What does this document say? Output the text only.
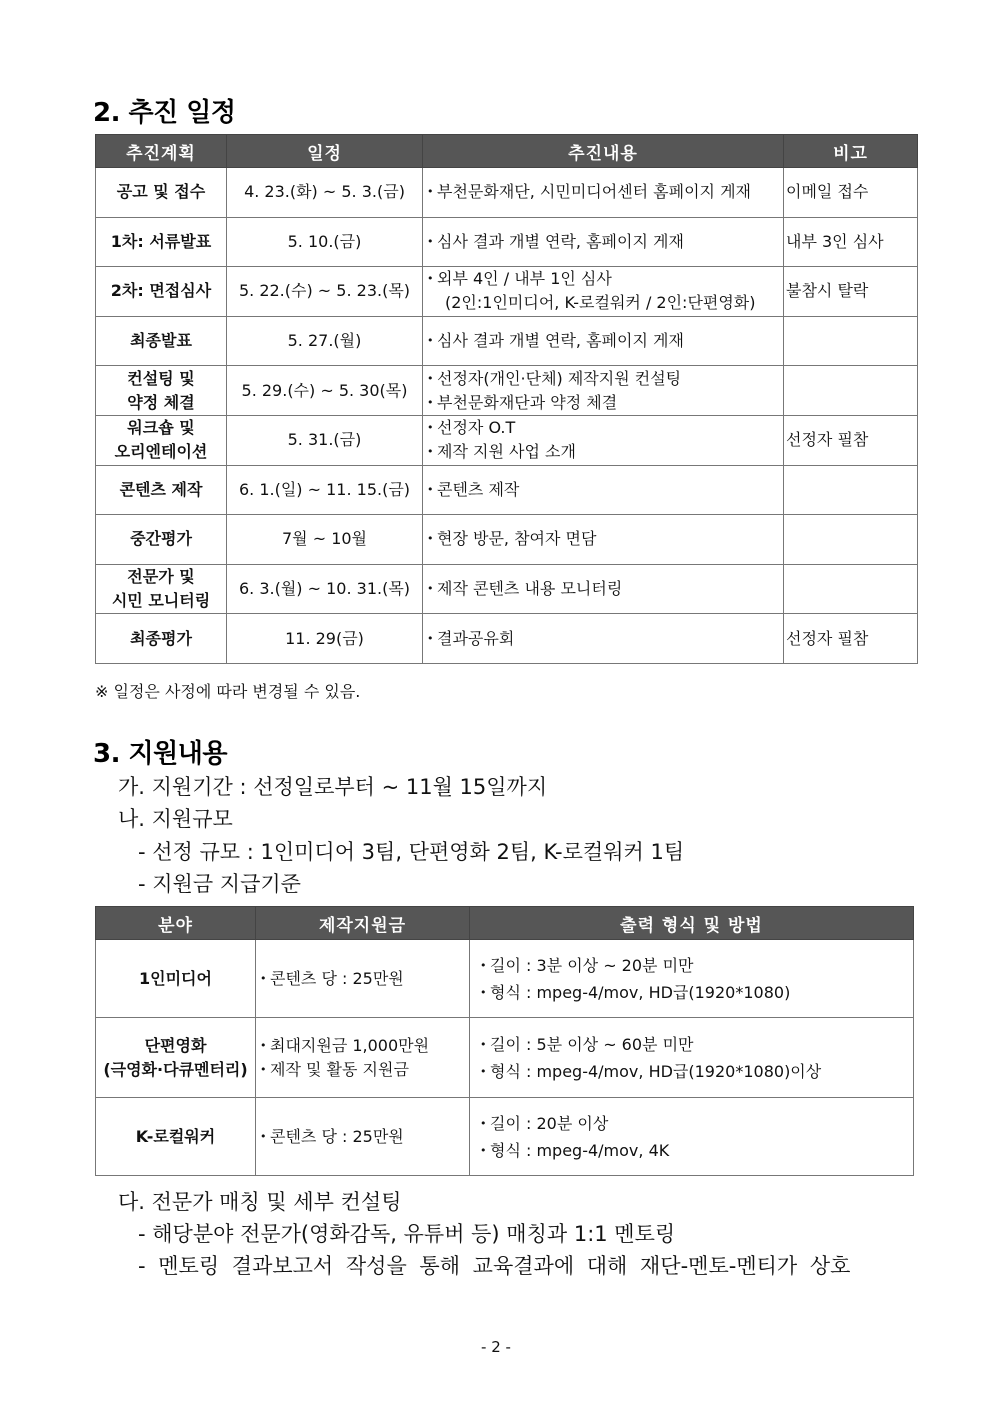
2. 추진 일정
추진계획	일정	추진내용	비고

공고 및 접수	4. 23.(화) ~ 5. 3.(금)	• 부천문화재단, 시민미디어센터 홈페이지 게재	이메일 접수

1차: 서류발표	5. 10.(금)	• 심사 결과 개별 연락, 홈페이지 게재	내부 3인 심사

2차: 면접심사	5. 22.(수) ~ 5. 23.(목)	• 외부 4인 / 내부 1인 심사
(2인:1인미디어, K-로컬워커 / 2인:단편영화)	불참시 탈락

최종발표	5. 27.(월)	• 심사 결과 개별 연락, 홈페이지 게재

컨설팅 및
약정 체결	5. 29.(수) ~ 5. 30(목)	• 선정자(개인·단체) 제작지원 컨설팅
• 부천문화재단과 약정 체결

워크숍 및
오리엔테이션	5. 31.(금)	• 선정자 O.T
• 제작 지원 사업 소개	선정자 필참

콘텐츠 제작	6. 1.(일) ~ 11. 15.(금)	• 콘텐츠 제작

중간평가	7월 ~ 10월	• 현장 방문, 참여자 면담

전문가 및
시민 모니터링	6. 3.(월) ~ 10. 31.(목)	• 제작 콘텐츠 내용 모니터링

최종평가	11. 29(금)	• 결과공유회	선정자 필참
※ 일정은 사정에 따라 변경될 수 있음.
3. 지원내용
가. 지원기간 : 선정일로부터 ~ 11월 15일까지
나. 지원규모
- 선정 규모 : 1인미디어 3팀, 단편영화 2팀, K-로컬워커 1팀
- 지원금 지급기준
분야	제작지원금	출력 형식 및 방법

1인미디어	• 콘텐츠 당 : 25만원	• 길이 : 3분 이상 ~ 20분 미만
• 형식 : mpeg-4/mov, HD급(1920*1080)

단편영화
(극영화·다큐멘터리)	• 최대지원금 1,000만원
• 제작 및 활동 지원금	• 길이 : 5분 이상 ~ 60분 미만
• 형식 : mpeg-4/mov, HD급(1920*1080)이상

K-로컬워커	• 콘텐츠 당 : 25만원	• 길이 : 20분 이상
• 형식 : mpeg-4/mov, 4K
다. 전문가 매칭 및 세부 컨설팅
- 해당분야 전문가(영화감독, 유튜버 등) 매칭과 1:1 멘토링
- 멘토링 결과보고서 작성을 통해 교육결과에 대해 재단-멘토-멘티가 상호
- 2 -
